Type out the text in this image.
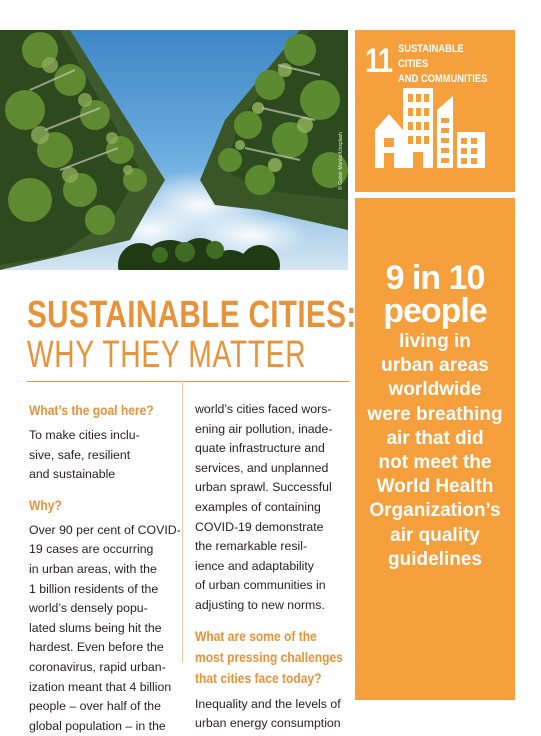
© Gabor Monlar/Unsplash
11 SUSTAINABLE CITIES
AND COMMUNITIES
9 in 10
people
living in
urban areas
worldwide
were breathing
air that did
not meet the
World Health
Organization’s
air quality
guidelines
SUSTAINABLE CITIES:
WHY THEY MATTER
What’s the goal here?
To make cities inclu-
sive, safe, resilient
and sustainable
Why?
Over 90 per cent of COVID-
19 cases are occurring
in urban areas, with the
1 billion residents of the
world’s densely popu-
lated slums being hit the
hardest. Even before the
coronavirus, rapid urban-
ization meant that 4 billion
people – over half of the
global population – in the
world’s cities faced wors-
ening air pollution, inade-
quate infrastructure and
services, and unplanned
urban sprawl. Successful
examples of containing
COVID-19 demonstrate
the remarkable resil-
ience and adaptability
of urban communities in
adjusting to new norms.
What are some of the
most pressing challenges
that cities face today?
Inequality and the levels of
urban energy consumption
